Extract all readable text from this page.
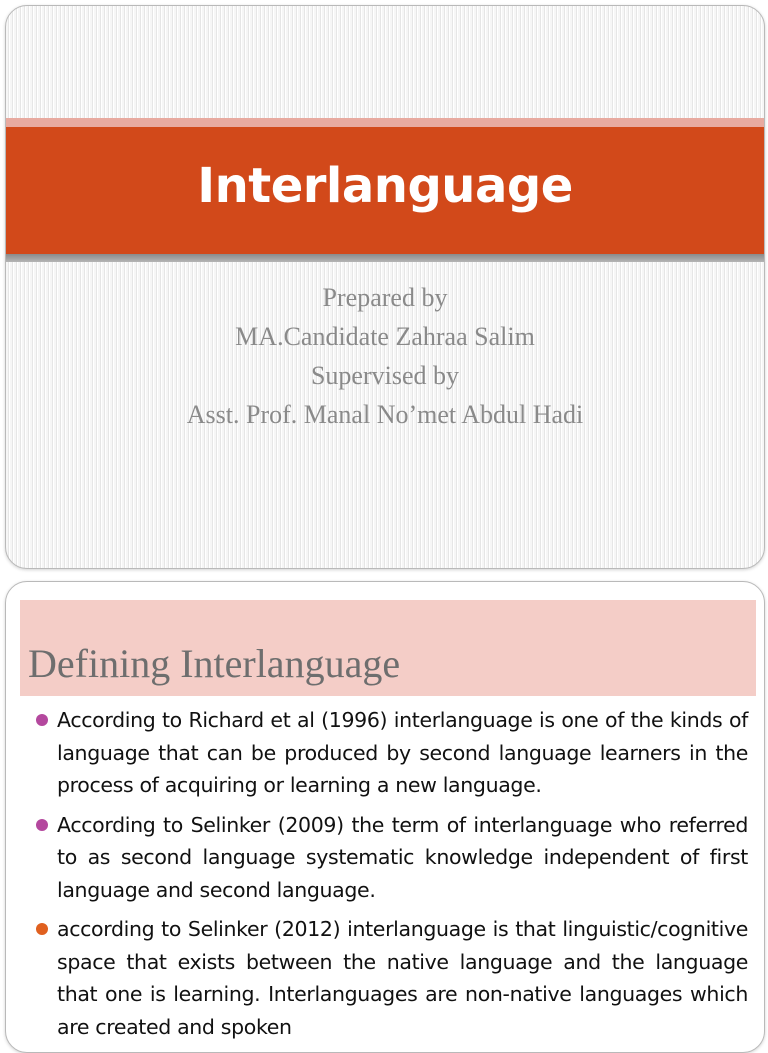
Interlanguage
Prepared by
MA.Candidate Zahraa Salim
Supervised by
Asst. Prof. Manal No’met Abdul Hadi
Defining Interlanguage
According to Richard et al (1996) interlanguage is one of the kinds of language that can be produced by second language learners in the process of acquiring or learning a new language.
According to Selinker (2009) the term of interlanguage who referred to as second language systematic knowledge independent of first language and second language.
according to Selinker (2012) interlanguage is that linguistic/cognitive space that exists between the native language and the language that one is learning. Interlanguages are non-native languages which are created and spoken
